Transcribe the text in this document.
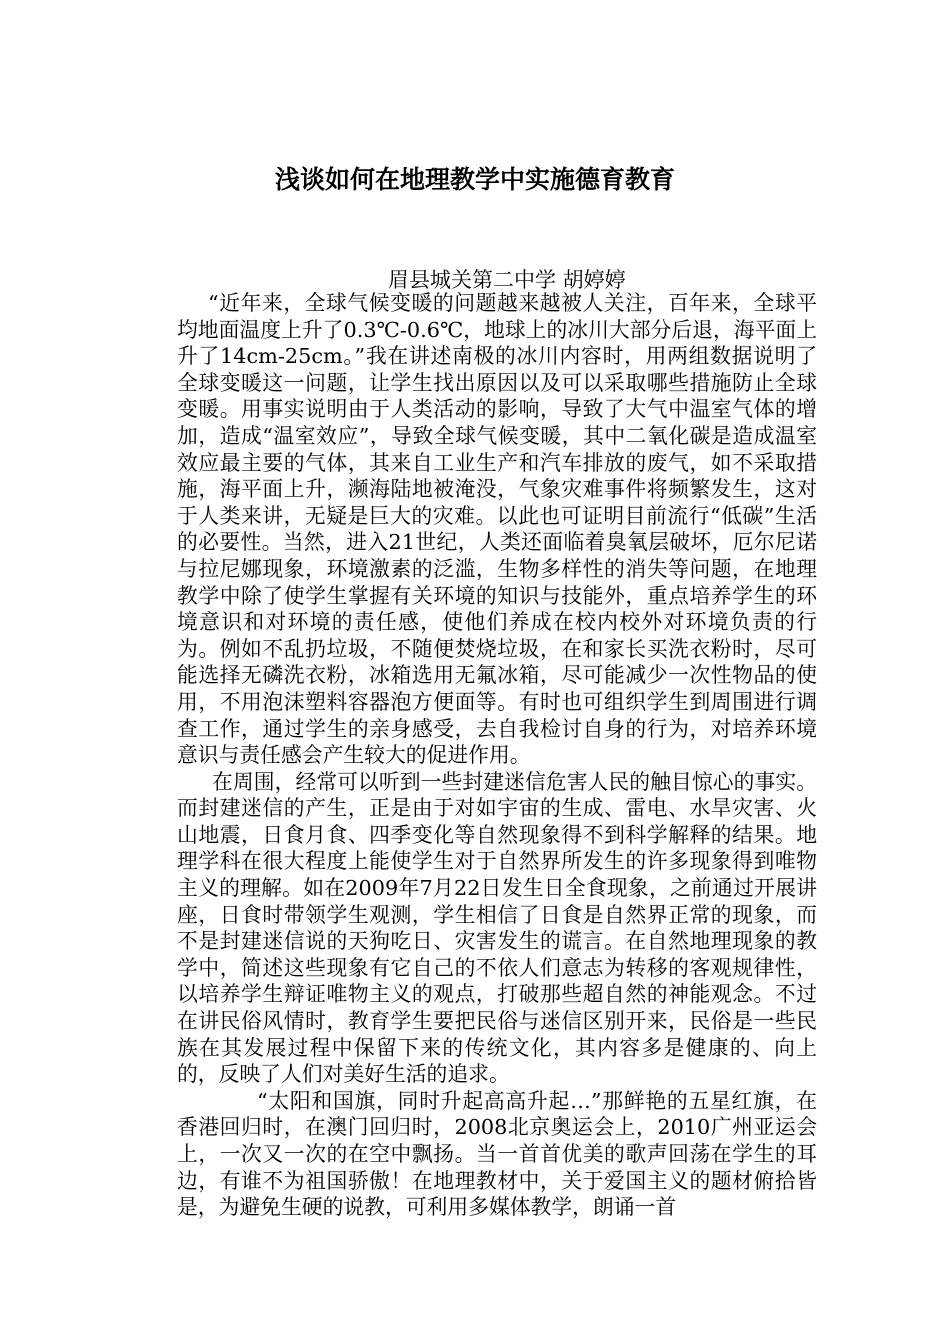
浅谈如何在地理教学中实施德育教育
眉县城关第二中学 胡婷婷

“近年来，全球气候变暖的问题越来越被人关注，百年来，全球平均地面温度上升了0.3℃-0.6℃，地球上的冰川大部分后退，海平面上升了14cm-25cm。”我在讲述南极的冰川内容时，用两组数据说明了全球变暖这一问题，让学生找出原因以及可以采取哪些措施防止全球变暖。用事实说明由于人类活动的影响，导致了大气中温室气体的增加，造成“温室效应”，导致全球气候变暖，其中二氧化碳是造成温室效应最主要的气体，其来自工业生产和汽车排放的废气，如不采取措施，海平面上升，濒海陆地被淹没，气象灾难事件将频繁发生，这对于人类来讲，无疑是巨大的灾难。以此也可证明目前流行“低碳”生活的必要性。当然，进入21世纪，人类还面临着臭氧层破坏，厄尔尼诺与拉尼娜现象，环境激素的泛滥，生物多样性的消失等问题，在地理教学中除了使学生掌握有关环境的知识与技能外，重点培养学生的环境意识和对环境的责任感，使他们养成在校内校外对环境负责的行为。例如不乱扔垃圾，不随便焚烧垃圾，在和家长买洗衣粉时，尽可能选择无磷洗衣粉，冰箱选用无氟冰箱，尽可能减少一次性物品的使用，不用泡沫塑料容器泡方便面等。有时也可组织学生到周围进行调查工作，通过学生的亲身感受，去自我检讨自身的行为，对培养环境意识与责任感会产生较大的促进作用。

在周围，经常可以听到一些封建迷信危害人民的触目惊心的事实。而封建迷信的产生，正是由于对如宇宙的生成、雷电、水旱灾害、火山地震，日食月食、四季变化等自然现象得不到科学解释的结果。地理学科在很大程度上能使学生对于自然界所发生的许多现象得到唯物主义的理解。如在2009年7月22日发生日全食现象，之前通过开展讲座，日食时带领学生观测，学生相信了日食是自然界正常的现象，而不是封建迷信说的天狗吃日、灾害发生的谎言。在自然地理现象的教学中，简述这些现象有它自己的不依人们意志为转移的客观规律性，以培养学生辩证唯物主义的观点，打破那些超自然的神能观念。不过在讲民俗风情时，教育学生要把民俗与迷信区别开来，民俗是一些民族在其发展过程中保留下来的传统文化，其内容多是健康的、向上的，反映了人们对美好生活的追求。

“太阳和国旗，同时升起高高升起…”那鲜艳的五星红旗，在香港回归时，在澳门回归时，2008北京奥运会上，2010广州亚运会上，一次又一次的在空中飘扬。当一首首优美的歌声回荡在学生的耳边，有谁不为祖国骄傲！在地理教材中，关于爱国主义的题材俯拾皆是，为避免生硬的说教，可利用多媒体教学，朗诵一首
